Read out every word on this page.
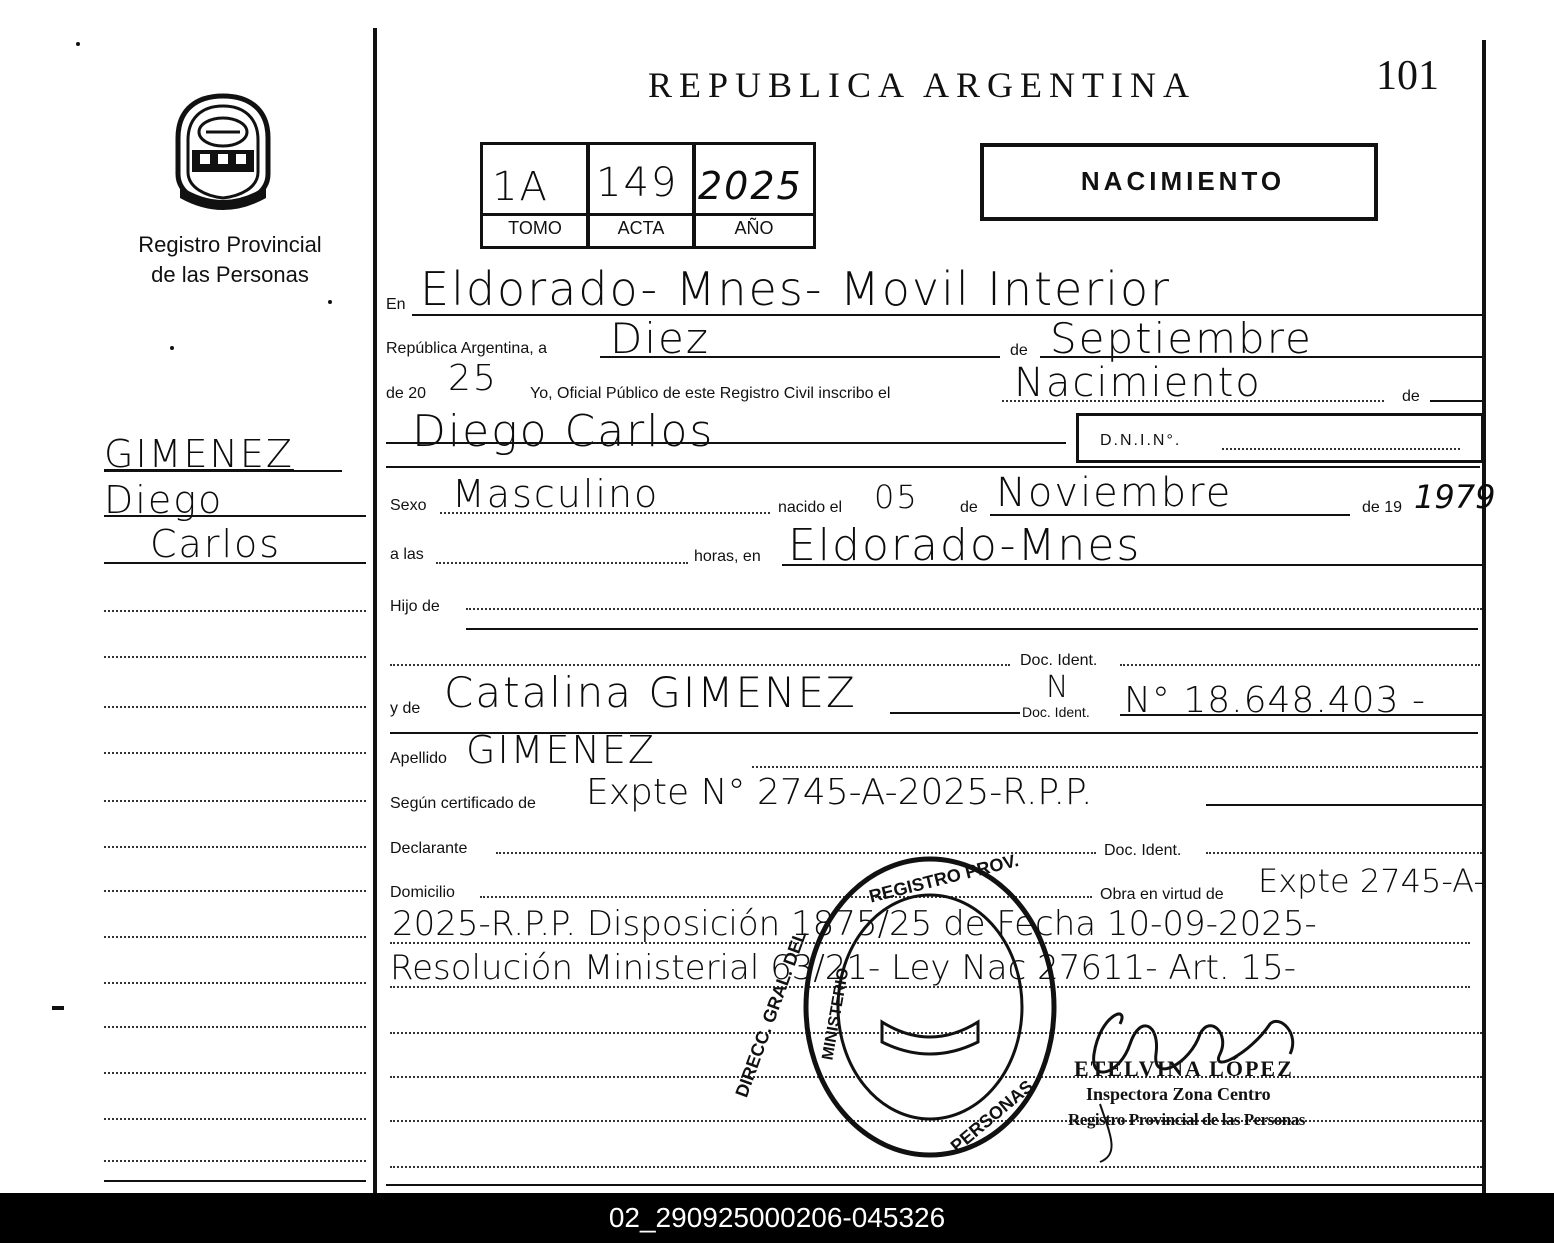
REPUBLICA ARGENTINA	101
Registro Provincial
de las Personas
1A 149 2025
TOMO	ACTA	AÑO
NACIMIENTO
GIMENEZ
Diego
Carlos
En Eldorado- Mnes- Movil Interior
República Argentina, a Diez	de Septiembre
de 20 25 Yo, Oficial Público de este Registro Civil inscribo el	Nacimiento	de
Diego Carlos	D.N.I.N°.
Sexo Masculino	nacido el 05	de Noviembre	de 19 1979
a las	horas, en Eldorado-Mnes
Hijo de
Doc. Ident.
y de Catalina GIMENEZ	Doc. Ident.
N N° 18.648.403 -
Apellido GIMENEZ
Según certificado de Expte N° 2745-A-2025-R.P.P.
Declarante	Doc. Ident.
Domicilio	Obra en virtud de Expte 2745-A-
2025-R.P.P. Disposición 1875/25 de Fecha 10-09-2025-
Resolución Ministerial 63/21- Ley Nac 27611- Art. 15-
REGISTRO PROV.
DIRECC. GRAL. DEL MINISTERIO
PERSONAS
ETELVINA LÓPEZ
Inspectora Zona Centro
Registro Provincial de las Personas
02_290925000206-045326
